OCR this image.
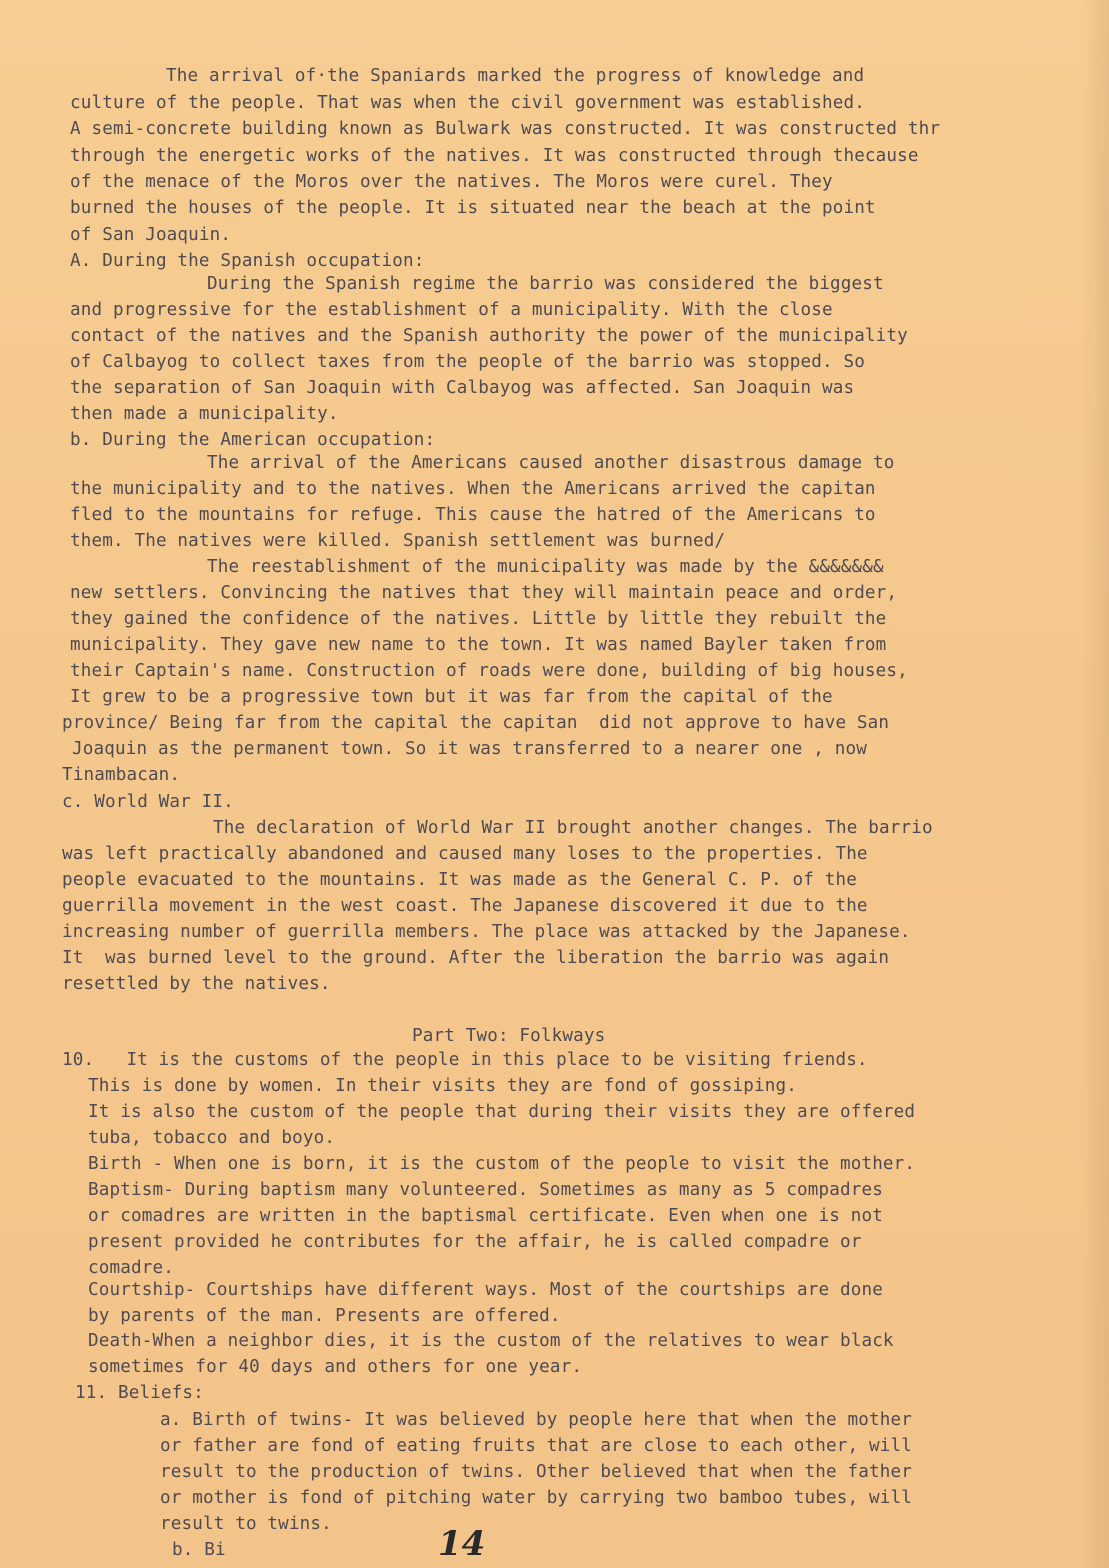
The arrival of·the Spaniards marked the progress of knowledge and
culture of the people. That was when the civil government was established.
A semi-concrete building known as Bulwark was constructed. It was constructed thr
through the energetic works of the natives. It was constructed through thecause
of the menace of the Moros over the natives. The Moros were curel. They
burned the houses of the people. It is situated near the beach at the point
of San Joaquin.
A. During the Spanish occupation:
During the Spanish regime the barrio was considered the biggest
and progressive for the establishment of a municipality. With the close
contact of the natives and the Spanish authority the power of the municipality
of Calbayog to collect taxes from the people of the barrio was stopped. So
the separation of San Joaquin with Calbayog was affected. San Joaquin was
then made a municipality.
b. During the American occupation:
The arrival of the Americans caused another disastrous damage to
the municipality and to the natives. When the Americans arrived the capitan
fled to the mountains for refuge. This cause the hatred of the Americans to
them. The natives were killed. Spanish settlement was burned/
The reestablishment of the municipality was made by the &&&&&&&
new settlers. Convincing the natives that they will maintain peace and order,
they gained the confidence of the natives. Little by little they rebuilt the
municipality. They gave new name to the town. It was named Bayler taken from
their Captain's name. Construction of roads were done, building of big houses,
It grew to be a progressive town but it was far from the capital of the
province/ Being far from the capital the capitan  did not approve to have San
Joaquin as the permanent town. So it was transferred to a nearer one , now
Tinambacan.
c. World War II.
The declaration of World War II brought another changes. The barrio
was left practically abandoned and caused many loses to the properties. The
people evacuated to the mountains. It was made as the General C. P. of the
guerrilla movement in the west coast. The Japanese discovered it due to the
increasing number of guerrilla members. The place was attacked by the Japanese.
It  was burned level to the ground. After the liberation the barrio was again
resettled by the natives.
Part Two: Folkways
10.   It is the customs of the people in this place to be visiting friends.
This is done by women. In their visits they are fond of gossiping.
It is also the custom of the people that during their visits they are offered
tuba, tobacco and boyo.
Birth - When one is born, it is the custom of the people to visit the mother.
Baptism- During baptism many volunteered. Sometimes as many as 5 compadres
or comadres are written in the baptismal certificate. Even when one is not
present provided he contributes for the affair, he is called compadre or
comadre.
Courtship- Courtships have different ways. Most of the courtships are done
by parents of the man. Presents are offered.
Death-When a neighbor dies, it is the custom of the relatives to wear black
sometimes for 40 days and others for one year.
11. Beliefs:
a. Birth of twins- It was believed by people here that when the mother
or father are fond of eating fruits that are close to each other, will
result to the production of twins. Other believed that when the father
or mother is fond of pitching water by carrying two bamboo tubes, will
result to twins.
b. Bi	14
